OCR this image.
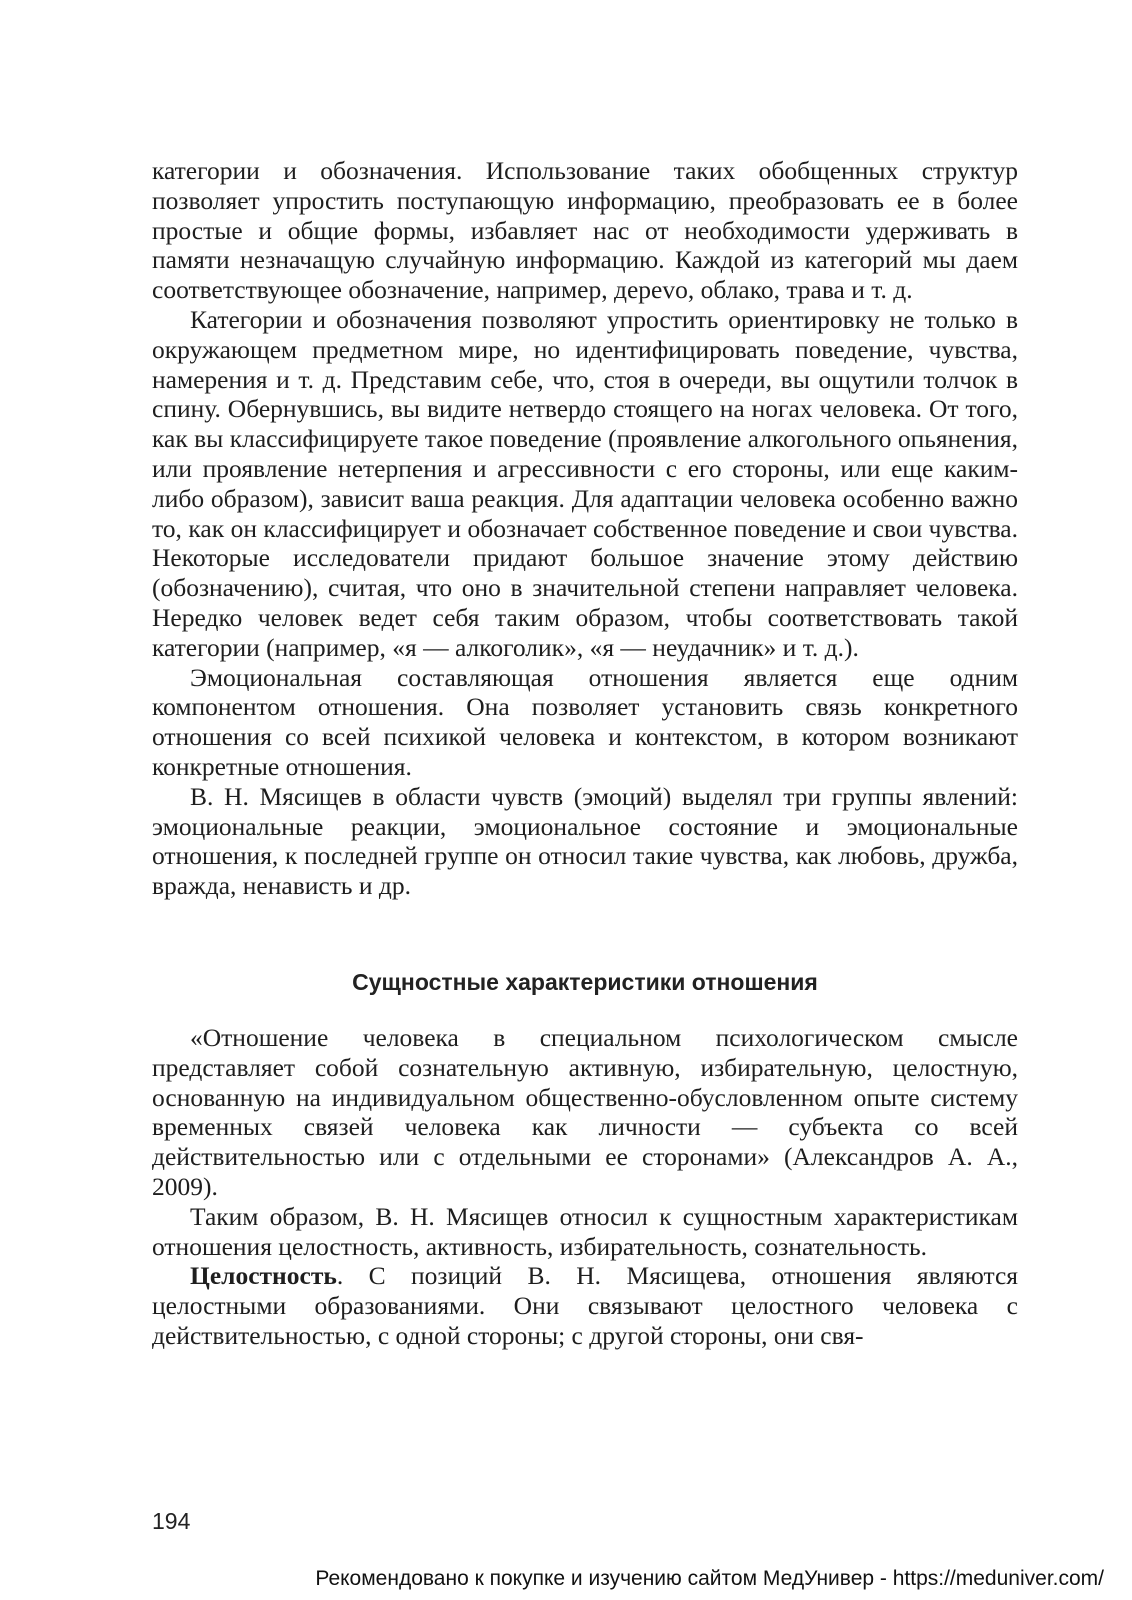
категории и обозначения. Использование таких обобщенных структур позволяет упростить поступающую информацию, преобразовать ее в более простые и общие формы, избавляет нас от необходимости удерживать в памяти незначащую случайную информацию. Каждой из категорий мы даем соответствующее обозначение, например, дереvo, облако, трава и т. д.

Категории и обозначения позволяют упростить ориентировку не только в окружающем предметном мире, но идентифицировать поведение, чувства, намерения и т. д. Представим себе, что, стоя в очереди, вы ощутили толчок в спину. Обернувшись, вы видите нетвердо стоящего на ногах человека. От того, как вы классифицируете такое поведение (проявление алкогольного опьянения, или проявление нетерпения и агрессивности с его стороны, или еще каким-либо образом), зависит ваша реакция. Для адаптации человека особенно важно то, как он классифицирует и обозначает собственное поведение и свои чувства. Некоторые исследователи придают большое значение этому действию (обозначению), считая, что оно в значительной степени направляет человека. Нередко человек ведет себя таким образом, чтобы соответствовать такой категории (например, «я — алкоголик», «я — неудачник» и т. д.).

Эмоциональная составляющая отношения является еще одним компонентом отношения. Она позволяет установить связь конкретного отношения со всей психикой человека и контекстом, в котором возникают конкретные отношения.

В. Н. Мясищев в области чувств (эмоций) выделял три группы явлений: эмоциональные реакции, эмоциональное состояние и эмоциональные отношения, к последней группе он относил такие чувства, как любовь, дружба, вражда, ненависть и др.

Сущностные характеристики отношения

«Отношение человека в специальном психологическом смысле представляет собой сознательную активную, избирательную, целостную, основанную на индивидуальном общественно-обусловленном опыте систему временных связей человека как личности — субъекта со всей действительностью или с отдельными ее сторонами» (Александров А. А., 2009).

Таким образом, В. Н. Мясищев относил к сущностным характеристикам отношения целостность, активность, избирательность, сознательность.

Целостность. С позиций В. Н. Мясищева, отношения являются целостными образованиями. Они связывают целостного человека с действительностью, с одной стороны; с другой стороны, они свя-

194
Рекомендовано к покупке и изучению сайтом МедУнивер - https://meduniver.com/
